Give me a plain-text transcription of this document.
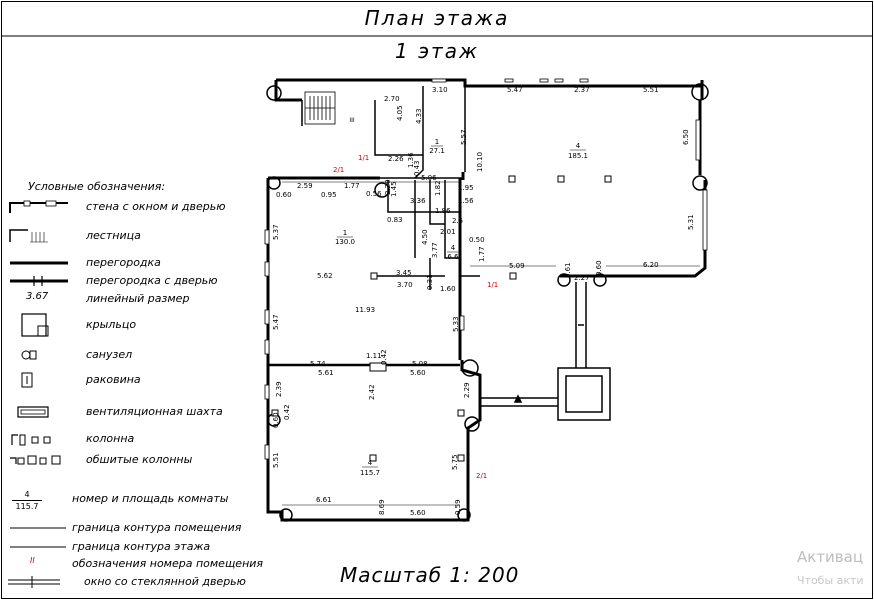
План этажа
1 этаж
1
27.1
4
185.1
1
130.0
4
6.6
4
115.7
III
2.70
4.05 4.33
3.10	5.47	2.37	5.51
5.57	6.50
2.26 1.36
0.43	10.10
2.59	1.77
0.95	0.56
5.06
2.20
1.45
3.36
0.83
1.86
1.82 1.95
2.5
1.56
2.01
4.50
3.77
0.50
1.77
5.09
5.31
5.37
6.20
2.27
5.62	3.45
3.70 0.31 1.60
11.93
5.47	5.33
1.11
0.42
5.74	5.08
5.61	5.60
2.39
0.42
2.42	2.29
5.51	5.75
6.61	8.69	5.60	0.59
0.60
0.61	0.60
0.60
1/1
2/1
1/1
2/1
Условные обозначения:
стена с окном и дверью
лестница
перегородка
перегородка с дверью
3.67	линейный размер
крыльцо
санузел
раковина
вентиляционная шахта
колонна
обшитые колонны
4
115.7
номер и площадь комнаты
граница контура помещения
граница контура этажа
II	обозначения номера помещения
окно со стеклянной дверью	Масштаб 1: 200
Активац
Чтобы акти
